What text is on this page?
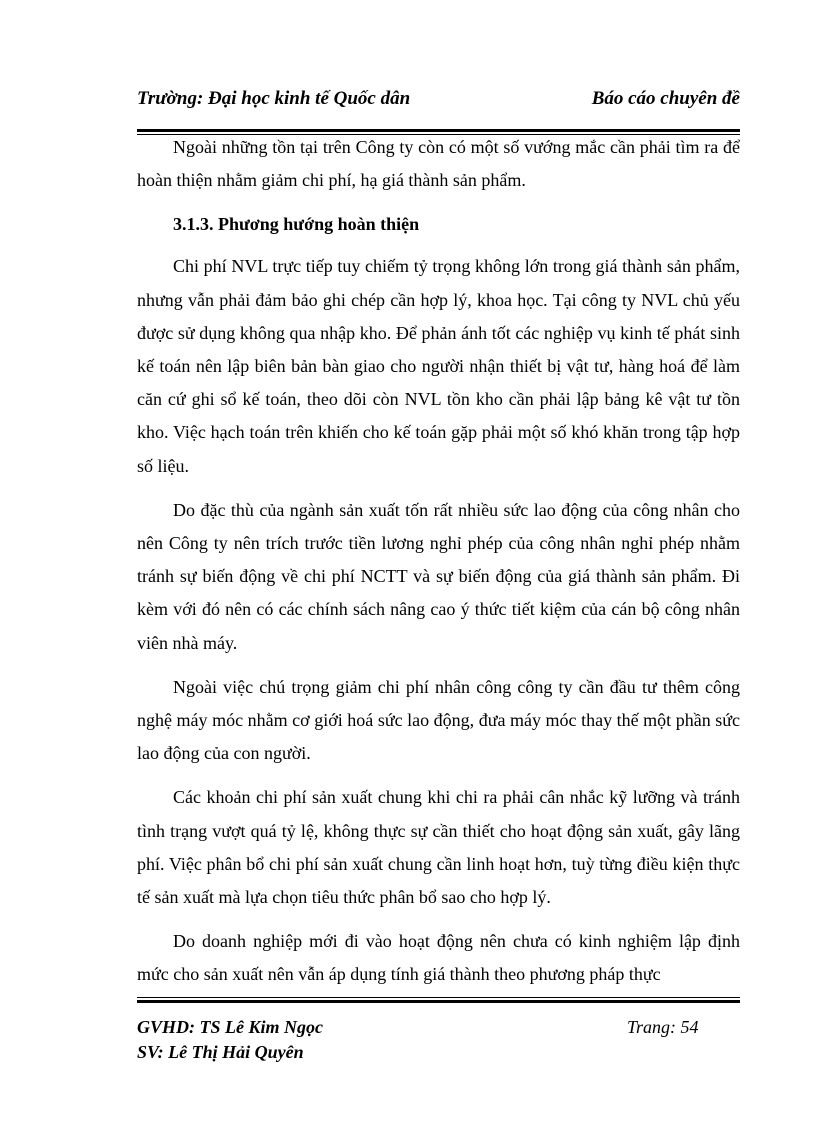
Trường: Đại học kinh tế Quốc dân	Báo cáo chuyên đề

Ngoài những tồn tại trên Công ty còn có một số vướng mắc cần phải tìm ra để hoàn thiện nhằm giảm chi phí, hạ giá thành sản phẩm.

3.1.3. Phương hướng hoàn thiện

Chi phí NVL trực tiếp tuy chiếm tỷ trọng không lớn trong giá thành sản phẩm, nhưng vẫn phải đảm bảo ghi chép cần hợp lý, khoa học. Tại công ty NVL chủ yếu được sử dụng không qua nhập kho. Để phản ánh tốt các nghiệp vụ kinh tế phát sinh kế toán nên lập biên bản bàn giao cho người nhận thiết bị vật tư, hàng hoá để làm căn cứ ghi sổ kế toán, theo dõi còn NVL tồn kho cần phải lập bảng kê vật tư tồn kho. Việc hạch toán trên khiến cho kế toán gặp phải một số khó khăn trong tập hợp số liệu.

Do đặc thù của ngành sản xuất tốn rất nhiều sức lao động của công nhân cho nên Công ty nên trích trước tiền lương nghỉ phép của công nhân nghỉ phép nhằm tránh sự biến động về chi phí NCTT và sự biến động của giá thành sản phẩm. Đi kèm với đó nên có các chính sách nâng cao ý thức tiết kiệm của cán bộ công nhân viên nhà máy.

Ngoài việc chú trọng giảm chi phí nhân công công ty cần đầu tư thêm công nghệ máy móc nhằm cơ giới hoá sức lao động, đưa máy móc thay thế một phần sức lao động của con người.

Các khoản chi phí sản xuất chung khi chi ra phải cân nhắc kỹ lưỡng và tránh tình trạng vượt quá tỷ lệ, không thực sự cần thiết cho hoạt động sản xuất, gây lãng phí. Việc phân bổ chi phí sản xuất chung cần linh hoạt hơn, tuỳ từng điều kiện thực tế sản xuất mà lựa chọn tiêu thức phân bổ sao cho hợp lý.

Do doanh nghiệp mới đi vào hoạt động nên chưa có kinh nghiệm lập định mức cho sản xuất nên vẫn áp dụng tính giá thành theo phương pháp thực

GVHD: TS Lê Kim Ngọc
SV: Lê Thị Hải Quyên
Trang: 54
